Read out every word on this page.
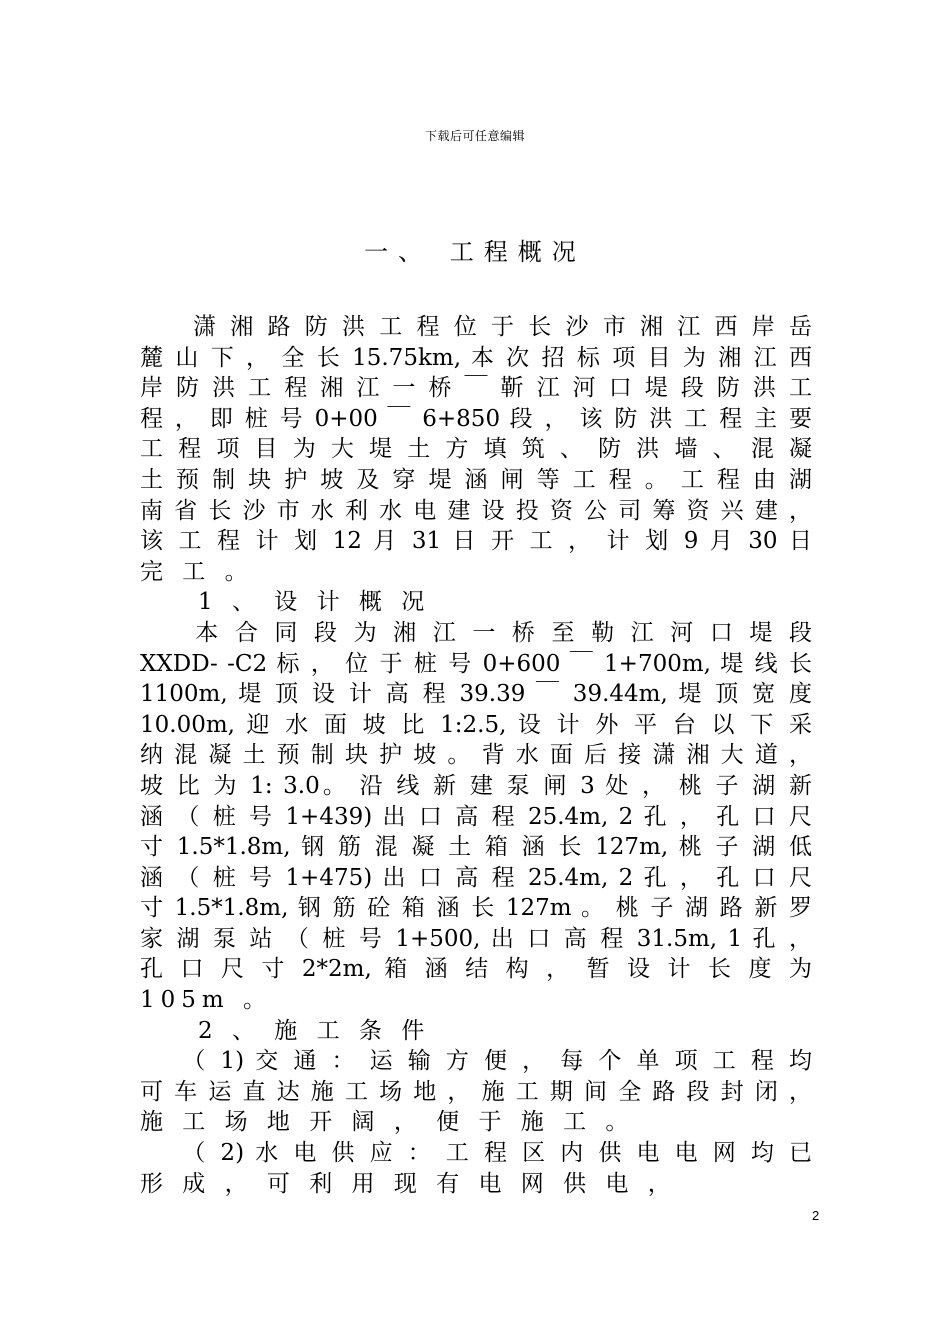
下载后可任意编辑
一、 工程概况
　　潇 湘 路 防 洪 工 程 位 于 长 沙 市 湘 江 西 岸 岳
麓 山 下 ， 全 长 15.75km, 本 次 招 标 项 目 为 湘 江 西
岸 防 洪 工 程 湘 江 一 桥 ￣ 靳 江 河 口 堤 段 防 洪 工
程 ， 即 桩 号 0+00 ￣ 6+850 段 ， 该 防 洪 工 程 主 要
工 程 项 目 为 大 堤 土 方 填 筑 、 防 洪 墙 、 混 凝
土 预 制 块 护 坡 及 穿 堤 涵 闸 等 工 程 。 工 程 由 湖
南 省 长 沙 市 水 利 水 电 建 设 投 资 公 司 筹 资 兴 建 ，
该 工 程 计 划 12 月 31 日 开 工 ， 计 划 9 月 30 日
完 工 。
　　1 、 设 计 概 况
　　本 合 同 段 为 湘 江 一 桥 至 勒 江 河 口 堤 段
XXDD- -C2 标 ， 位 于 桩 号 0+600 ￣ 1+700m, 堤 线 长
1100m, 堤 顶 设 计 高 程 39.39 ￣ 39.44m, 堤 顶 宽 度
10.00m, 迎 水 面 坡 比 1:2.5, 设 计 外 平 台 以 下 采
纳 混 凝 土 预 制 块 护 坡 。 背 水 面 后 接 潇 湘 大 道 ，
坡 比 为 1: 3.0。 沿 线 新 建 泵 闸 3 处 ， 桃 子 湖 新
涵 （ 桩 号 1+439) 出 口 高 程 25.4m, 2 孔 ， 孔 口 尺
寸 1.5*1.8m, 钢 筋 混 凝 土 箱 涵 长 127m, 桃 子 湖 低
涵 （ 桩 号 1+475) 出 口 高 程 25.4m, 2 孔 ， 孔 口 尺
寸 1.5*1.8m, 钢 筋 砼 箱 涵 长 127m 。 桃 子 湖 路 新 罗
家 湖 泵 站 （ 桩 号 1+500, 出 口 高 程 31.5m, 1 孔 ，
孔 口 尺 寸 2*2m, 箱 涵 结 构 ， 暂 设 计 长 度 为
105m 。
　　2 、 施 工 条 件
　　（ 1) 交 通 ： 运 输 方 便 ， 每 个 单 项 工 程 均
可 车 运 直 达 施 工 场 地 ， 施 工 期 间 全 路 段 封 闭 ，
施 工 场 地 开 阔 ， 便 于 施 工 。
　　（ 2) 水 电 供 应 ： 工 程 区 内 供 电 电 网 均 已
形 成 ， 可 利 用 现 有 电 网 供 电 ，
2
